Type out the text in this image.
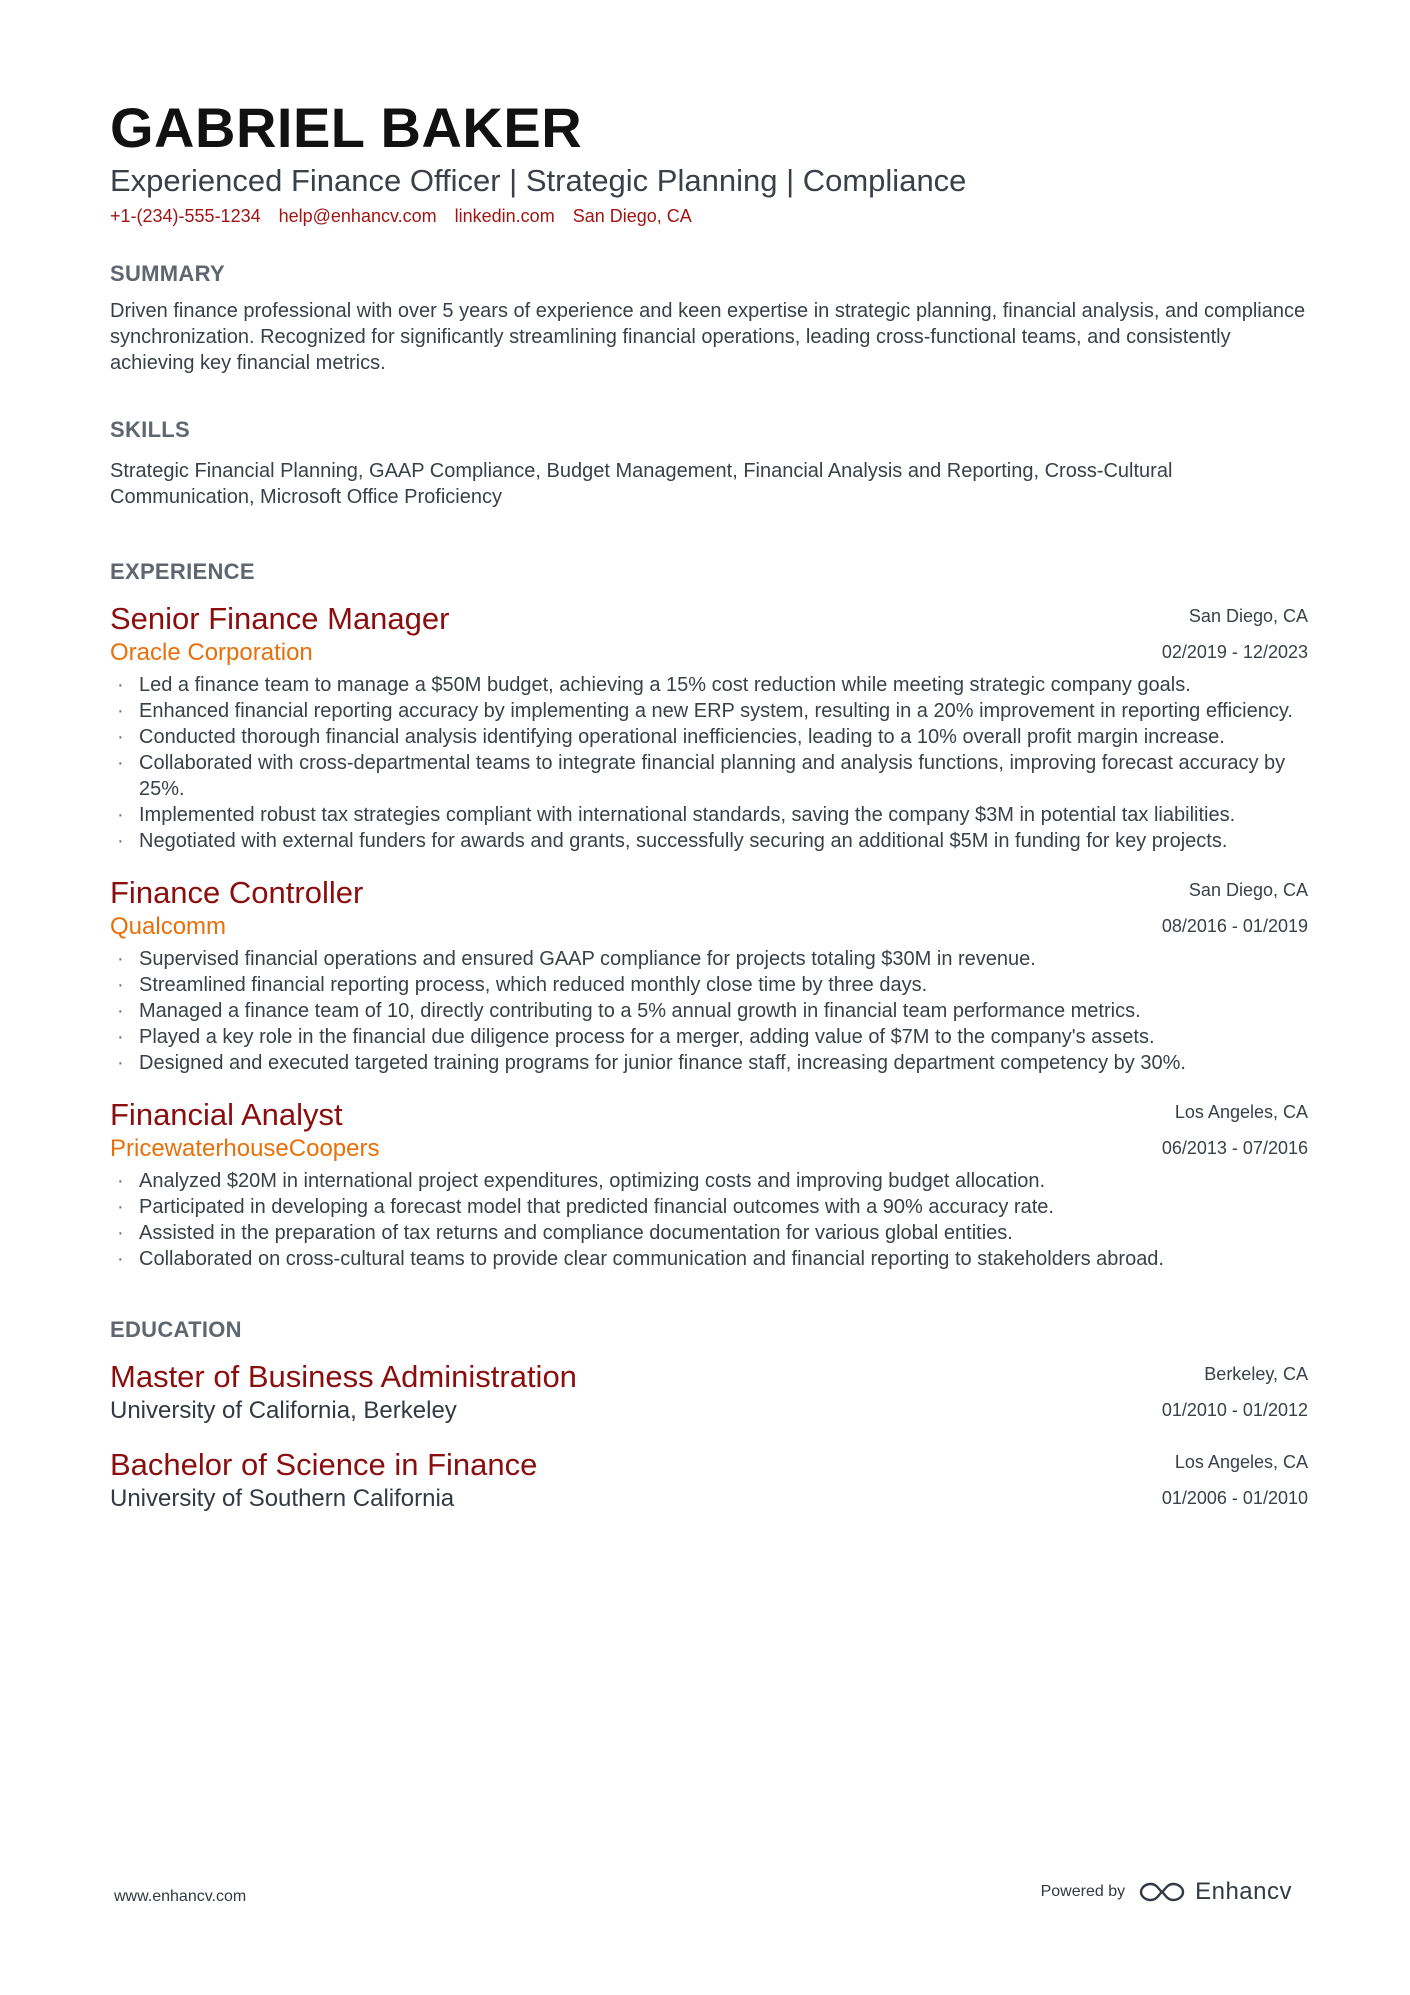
GABRIEL BAKER
Experienced Finance Officer | Strategic Planning | Compliance
+1-(234)-555-1234 help@enhancv.com linkedin.com San Diego, CA
SUMMARY
Driven finance professional with over 5 years of experience and keen expertise in strategic planning, financial analysis, and compliance synchronization. Recognized for significantly streamlining financial operations, leading cross-functional teams, and consistently achieving key financial metrics.
SKILLS
Strategic Financial Planning, GAAP Compliance, Budget Management, Financial Analysis and Reporting, Cross-Cultural Communication, Microsoft Office Proficiency
EXPERIENCE
Senior Finance Manager
Oracle Corporation
San Diego, CA
02/2019 - 12/2023
· Led a finance team to manage a $50M budget, achieving a 15% cost reduction while meeting strategic company goals.
· Enhanced financial reporting accuracy by implementing a new ERP system, resulting in a 20% improvement in reporting efficiency.
· Conducted thorough financial analysis identifying operational inefficiencies, leading to a 10% overall profit margin increase.
· Collaborated with cross-departmental teams to integrate financial planning and analysis functions, improving forecast accuracy by 25%.
· Implemented robust tax strategies compliant with international standards, saving the company $3M in potential tax liabilities.
· Negotiated with external funders for awards and grants, successfully securing an additional $5M in funding for key projects.
Finance Controller
Qualcomm
San Diego, CA
08/2016 - 01/2019
· Supervised financial operations and ensured GAAP compliance for projects totaling $30M in revenue.
· Streamlined financial reporting process, which reduced monthly close time by three days.
· Managed a finance team of 10, directly contributing to a 5% annual growth in financial team performance metrics.
· Played a key role in the financial due diligence process for a merger, adding value of $7M to the company's assets.
· Designed and executed targeted training programs for junior finance staff, increasing department competency by 30%.
Financial Analyst
PricewaterhouseCoopers
Los Angeles, CA
06/2013 - 07/2016
· Analyzed $20M in international project expenditures, optimizing costs and improving budget allocation.
· Participated in developing a forecast model that predicted financial outcomes with a 90% accuracy rate.
· Assisted in the preparation of tax returns and compliance documentation for various global entities.
· Collaborated on cross-cultural teams to provide clear communication and financial reporting to stakeholders abroad.
EDUCATION
Master of Business Administration
University of California, Berkeley
Berkeley, CA
01/2010 - 01/2012
Bachelor of Science in Finance
University of Southern California
Los Angeles, CA
01/2006 - 01/2010
www.enhancv.com	Powered by	Enhancv
